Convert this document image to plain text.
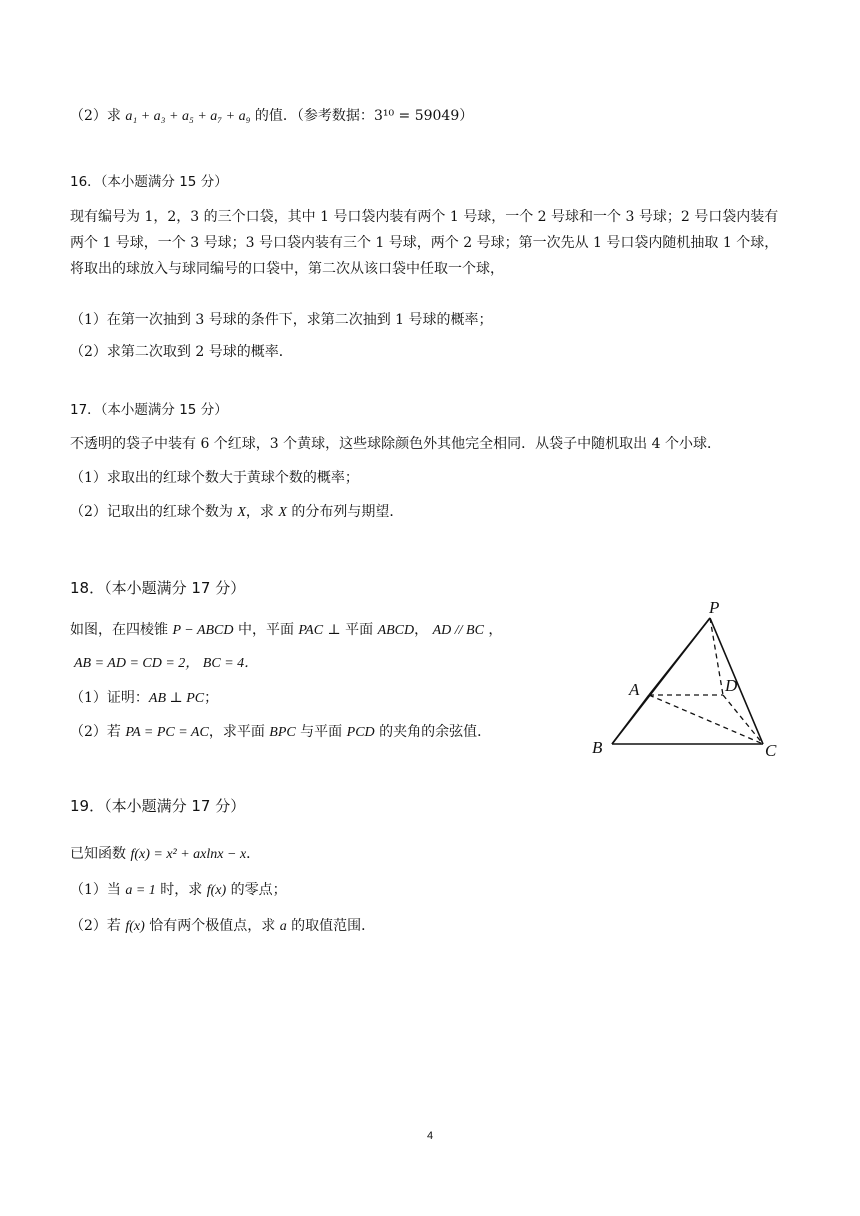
（2）求 a₁ + a₃ + a₅ + a₇ + a₉ 的值．（参考数据：3¹⁰ = 59049）
16．（本小题满分 15 分）
现有编号为 1，2，3 的三个口袋，其中 1 号口袋内装有两个 1 号球，一个 2 号球和一个 3 号球；2 号口袋内装有两个 1 号球，一个 3 号球；3 号口袋内装有三个 1 号球，两个 2 号球；第一次先从 1 号口袋内随机抽取 1 个球，将取出的球放入与球同编号的口袋中，第二次从该口袋中任取一个球，
（1）在第一次抽到 3 号球的条件下，求第二次抽到 1 号球的概率；
（2）求第二次取到 2 号球的概率．
17．（本小题满分 15 分）
不透明的袋子中装有 6 个红球，3 个黄球，这些球除颜色外其他完全相同．从袋子中随机取出 4 个小球．
（1）求取出的红球个数大于黄球个数的概率；
（2）记取出的红球个数为 X，求 X 的分布列与期望．
18．（本小题满分 17 分）
如图，在四棱锥 P − ABCD 中，平面 PAC ⊥ 平面 ABCD， AD // BC ，
AB = AD = CD = 2， BC = 4．
（1）证明：AB ⊥ PC；
（2）若 PA = PC = AC，求平面 BPC 与平面 PCD 的夹角的余弦值．
P
A	D
B	C
19．（本小题满分 17 分）
已知函数 f(x) = x² + axlnx − x．
（1）当 a = 1 时，求 f(x) 的零点；
（2）若 f(x) 恰有两个极值点，求 a 的取值范围．
4
